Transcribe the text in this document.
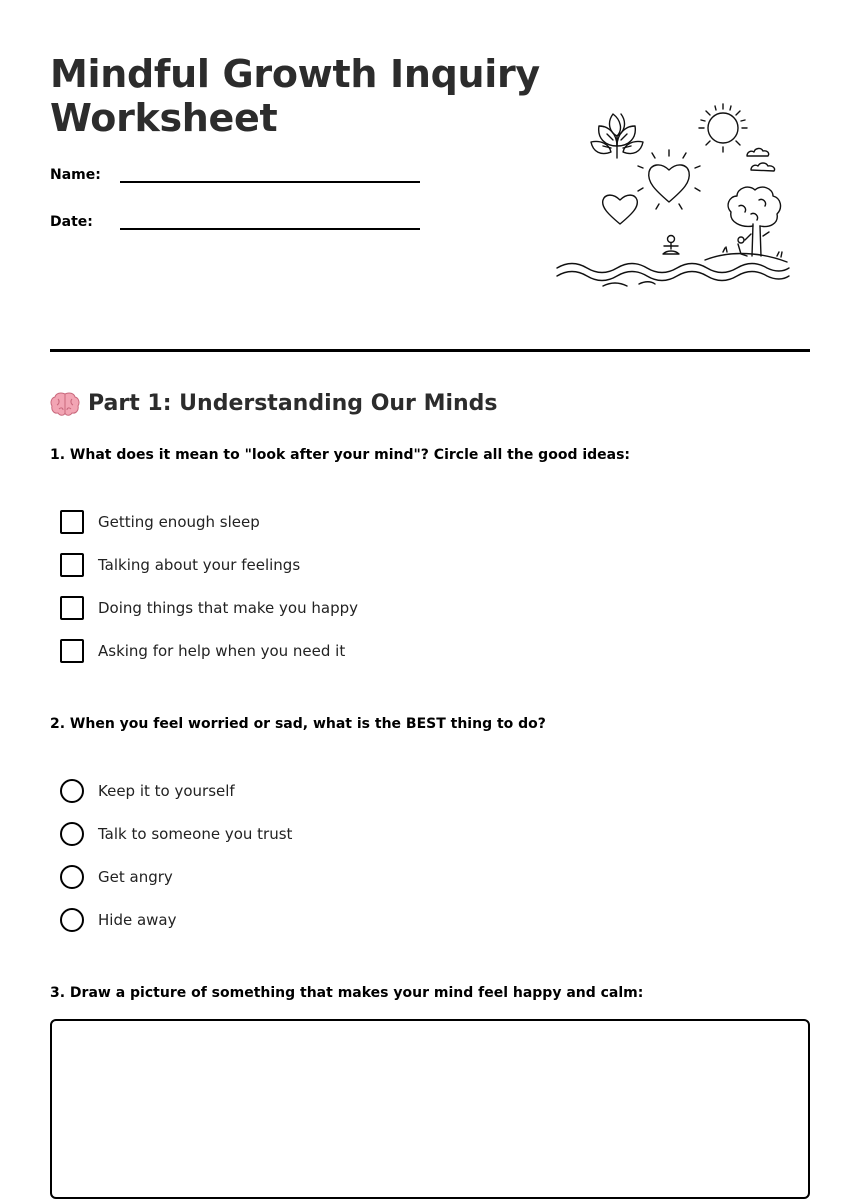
Mindful Growth Inquiry Worksheet
Name:
Date:
Part 1: Understanding Our Minds

1. What does it mean to "look after your mind"? Circle all the good ideas:

Getting enough sleep
Talking about your feelings
Doing things that make you happy
Asking for help when you need it

2. When you feel worried or sad, what is the BEST thing to do?

Keep it to yourself
Talk to someone you trust
Get angry
Hide away

3. Draw a picture of something that makes your mind feel happy and calm:
